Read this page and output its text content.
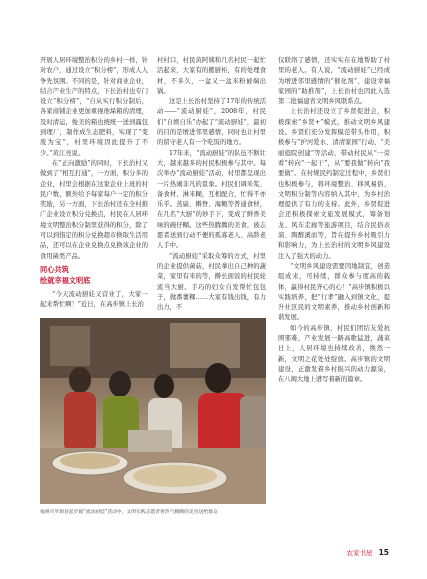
开展人居环境整治积分的乡村一样，针对农户，通过设立“积分榜”，形成人人争先氛围。不同的是，针对商业企业，结合产业生产的特点，下长治村也专门设立“积分榜”，“自从实行积分制后，各家商铺企业更加重视他垛箱的清理，及时清运，俊美的箱也统统一送到露包到理厂，制作成生态肥料，实现了“变废为宝”，村里环境因此提升了不少。”黄江亮说。

在“正向激励”的同时，下长治村又做到了“相互打通”，一方面，积分多的企业，村里会根据在这家企业上班的村民户数，额外给予每家每户一定的积分奖励，另一方面，下长治村还在全村推广企业设立积分兑换点，村民在人居环境文明整治积分制里获得的积分，除了可以到指定的积分兑换超市换取生活用品，还可以在企业兑换点兑换该企业的食用菌类产品。

同心共筑
绘就幸福文明底

“今天流动厨娃又营业了，大家一起来帮忙啊！”近日，在高步镇上长治

村村口，村民黄阿姨和几名村民一起忙活起来，大家有的搬厨柜，有的处理食材，不多久，一盆又一盆米粉被端出锅。

这是上长治村坚持了17年的传统活动——“流动厨娃”，2008年，村民们“自娱自乐”办起了“流动厨娃”，最初的目的是增进邻里感情，同时也让村里的留守老人有一个吃饭的地方。

17年来，“流动厨娃”的队伍不断壮大，越来越多的村民积极参与其中。每次举办“流动厨娃”活动，村里都呈现出一片热闹非凡的景象。村民们调米浆、备食材、淋米糊，互相配合，忙得不亦乐乎。蒸扁、擀脊、海鲍等普通食材，在几名“大厨”的妙手下，变成了鲜香美味的碗仔糊。这些热腾腾的美食，被志愿者送到行动不便的孤寡老人、高龄老人手中。

“流动厨娃”采取众筹的方式，村里的企业提供菌菇，村民拿出自己种的蔬菜，家里有米的等，擀长面饭的村民轮流当大厨。手巧的妇女自发帮忙包包子，做番薯粿……大家有钱出钱，有力出力，不

仅联络了感情，还实实在在地帮助了村里的老人。有人说，“流动厨娃”已经成为增进邻里感情的“催化剂”、建设幸福家园的“助推剂”，上长治村也因此入选第二批福建省文明乡风联系点。

上长治村还设立了乡贤促进会，积极探索“乡贤+”模式，推动文明乡风建设。乡贤们充分发挥模范带头作用，积极参与“护河爱水、清清家园”行动、“美丽庭院创建”等活动，带动村民从“一旁看”转向“一起干”，从“要我做”转向“我要做”。在村规民约制定过程中，乡贤们也积极参与，将环境整治、移风易俗、文明积分制等内容纳入其中，为乡村治理提供了有力的支持。此外，乡贤促进会还积极探索文旅发展模式，筹备划龙、风车走廊等旅游项目，结合民俗表演、陶醉溪而等，旨在提升乡村吸引力和影响力，为上长治村的文明乡风建设注入了强大的动力。

“文明乡风建设需要因地制宜，创造组成来，可持续，群众参与度高的载体，赢得村民齐心的心！”高步镇积极以实践培养，把“行孝”融入到镇文化，提升社区民的文明素养，推动乡村创新和谐发展。

如今的高步镇，村民们团结友爱抗围邪难，产业发展一路高歌猛进，蔬菜日上，人居环境也持续改善，焕然一新，文明之花处处绽放。高步镇的文明建设，正激发着乡村振兴的动力源泉，在八闽大地上谱写着新的篇章。

福州市罗源县起步镇“流动厨娃”活动中，文明实践志愿者将热气腾腾的美食送给群众
农家书屋 15
